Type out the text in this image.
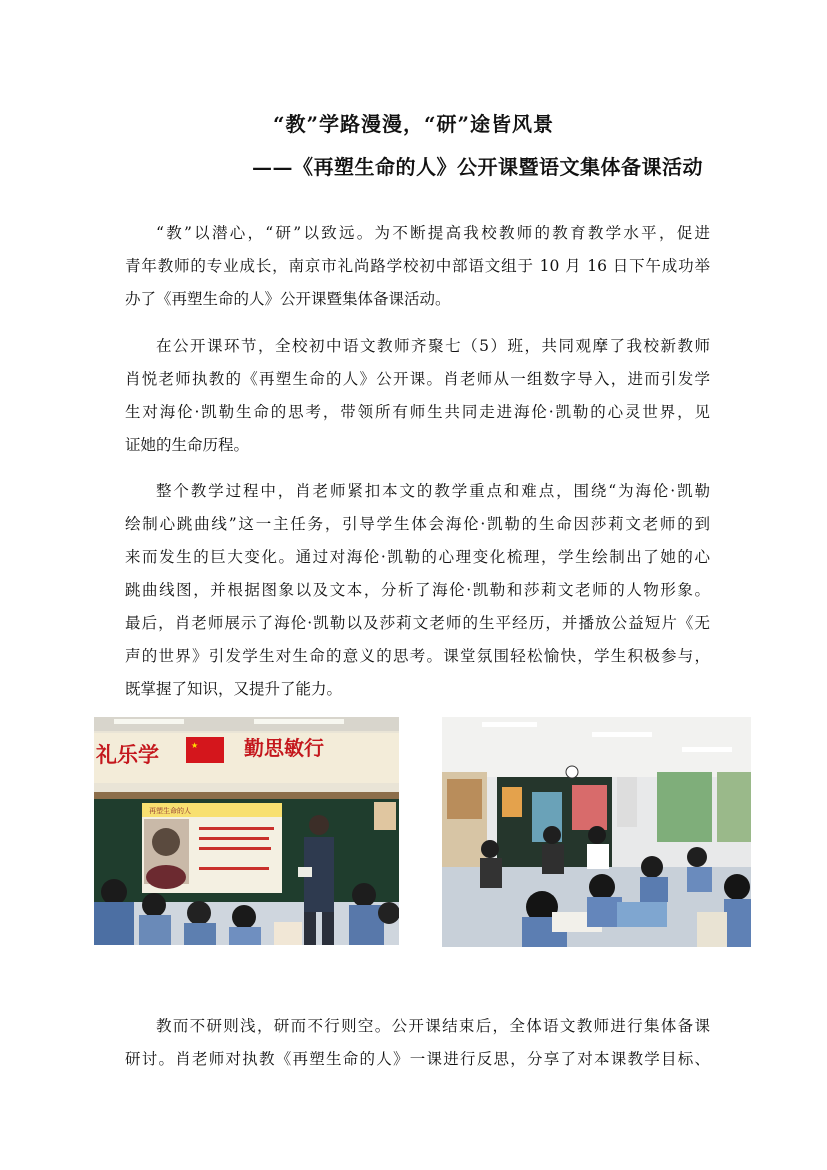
“教”学路漫漫，“研”途皆风景
——《再塑生命的人》公开课暨语文集体备课活动
“教”以潜心，“研”以致远。为不断提高我校教师的教育教学水平，促进
青年教师的专业成长，南京市礼尚路学校初中部语文组于 10 月 16 日下午成功举
办了《再塑生命的人》公开课暨集体备课活动。
在公开课环节，全校初中语文教师齐聚七（5）班，共同观摩了我校新教师
肖悦老师执教的《再塑生命的人》公开课。肖老师从一组数字导入，进而引发学
生对海伦·凯勒生命的思考，带领所有师生共同走进海伦·凯勒的心灵世界，见
证她的生命历程。
整个教学过程中，肖老师紧扣本文的教学重点和难点，围绕“为海伦·凯勒
绘制心跳曲线”这一主任务，引导学生体会海伦·凯勒的生命因莎莉文老师的到
来而发生的巨大变化。通过对海伦·凯勒的心理变化梳理，学生绘制出了她的心
跳曲线图，并根据图象以及文本，分析了海伦·凯勒和莎莉文老师的人物形象。
最后，肖老师展示了海伦·凯勒以及莎莉文老师的生平经历，并播放公益短片《无
声的世界》引发学生对生命的意义的思考。课堂氛围轻松愉快，学生积极参与，
既掌握了知识，又提升了能力。
礼乐学	★ 勤思敏行
再塑生命的人
教而不研则浅，研而不行则空。公开课结束后，全体语文教师进行集体备课
研讨。肖老师对执教《再塑生命的人》一课进行反思，分享了对本课教学目标、
